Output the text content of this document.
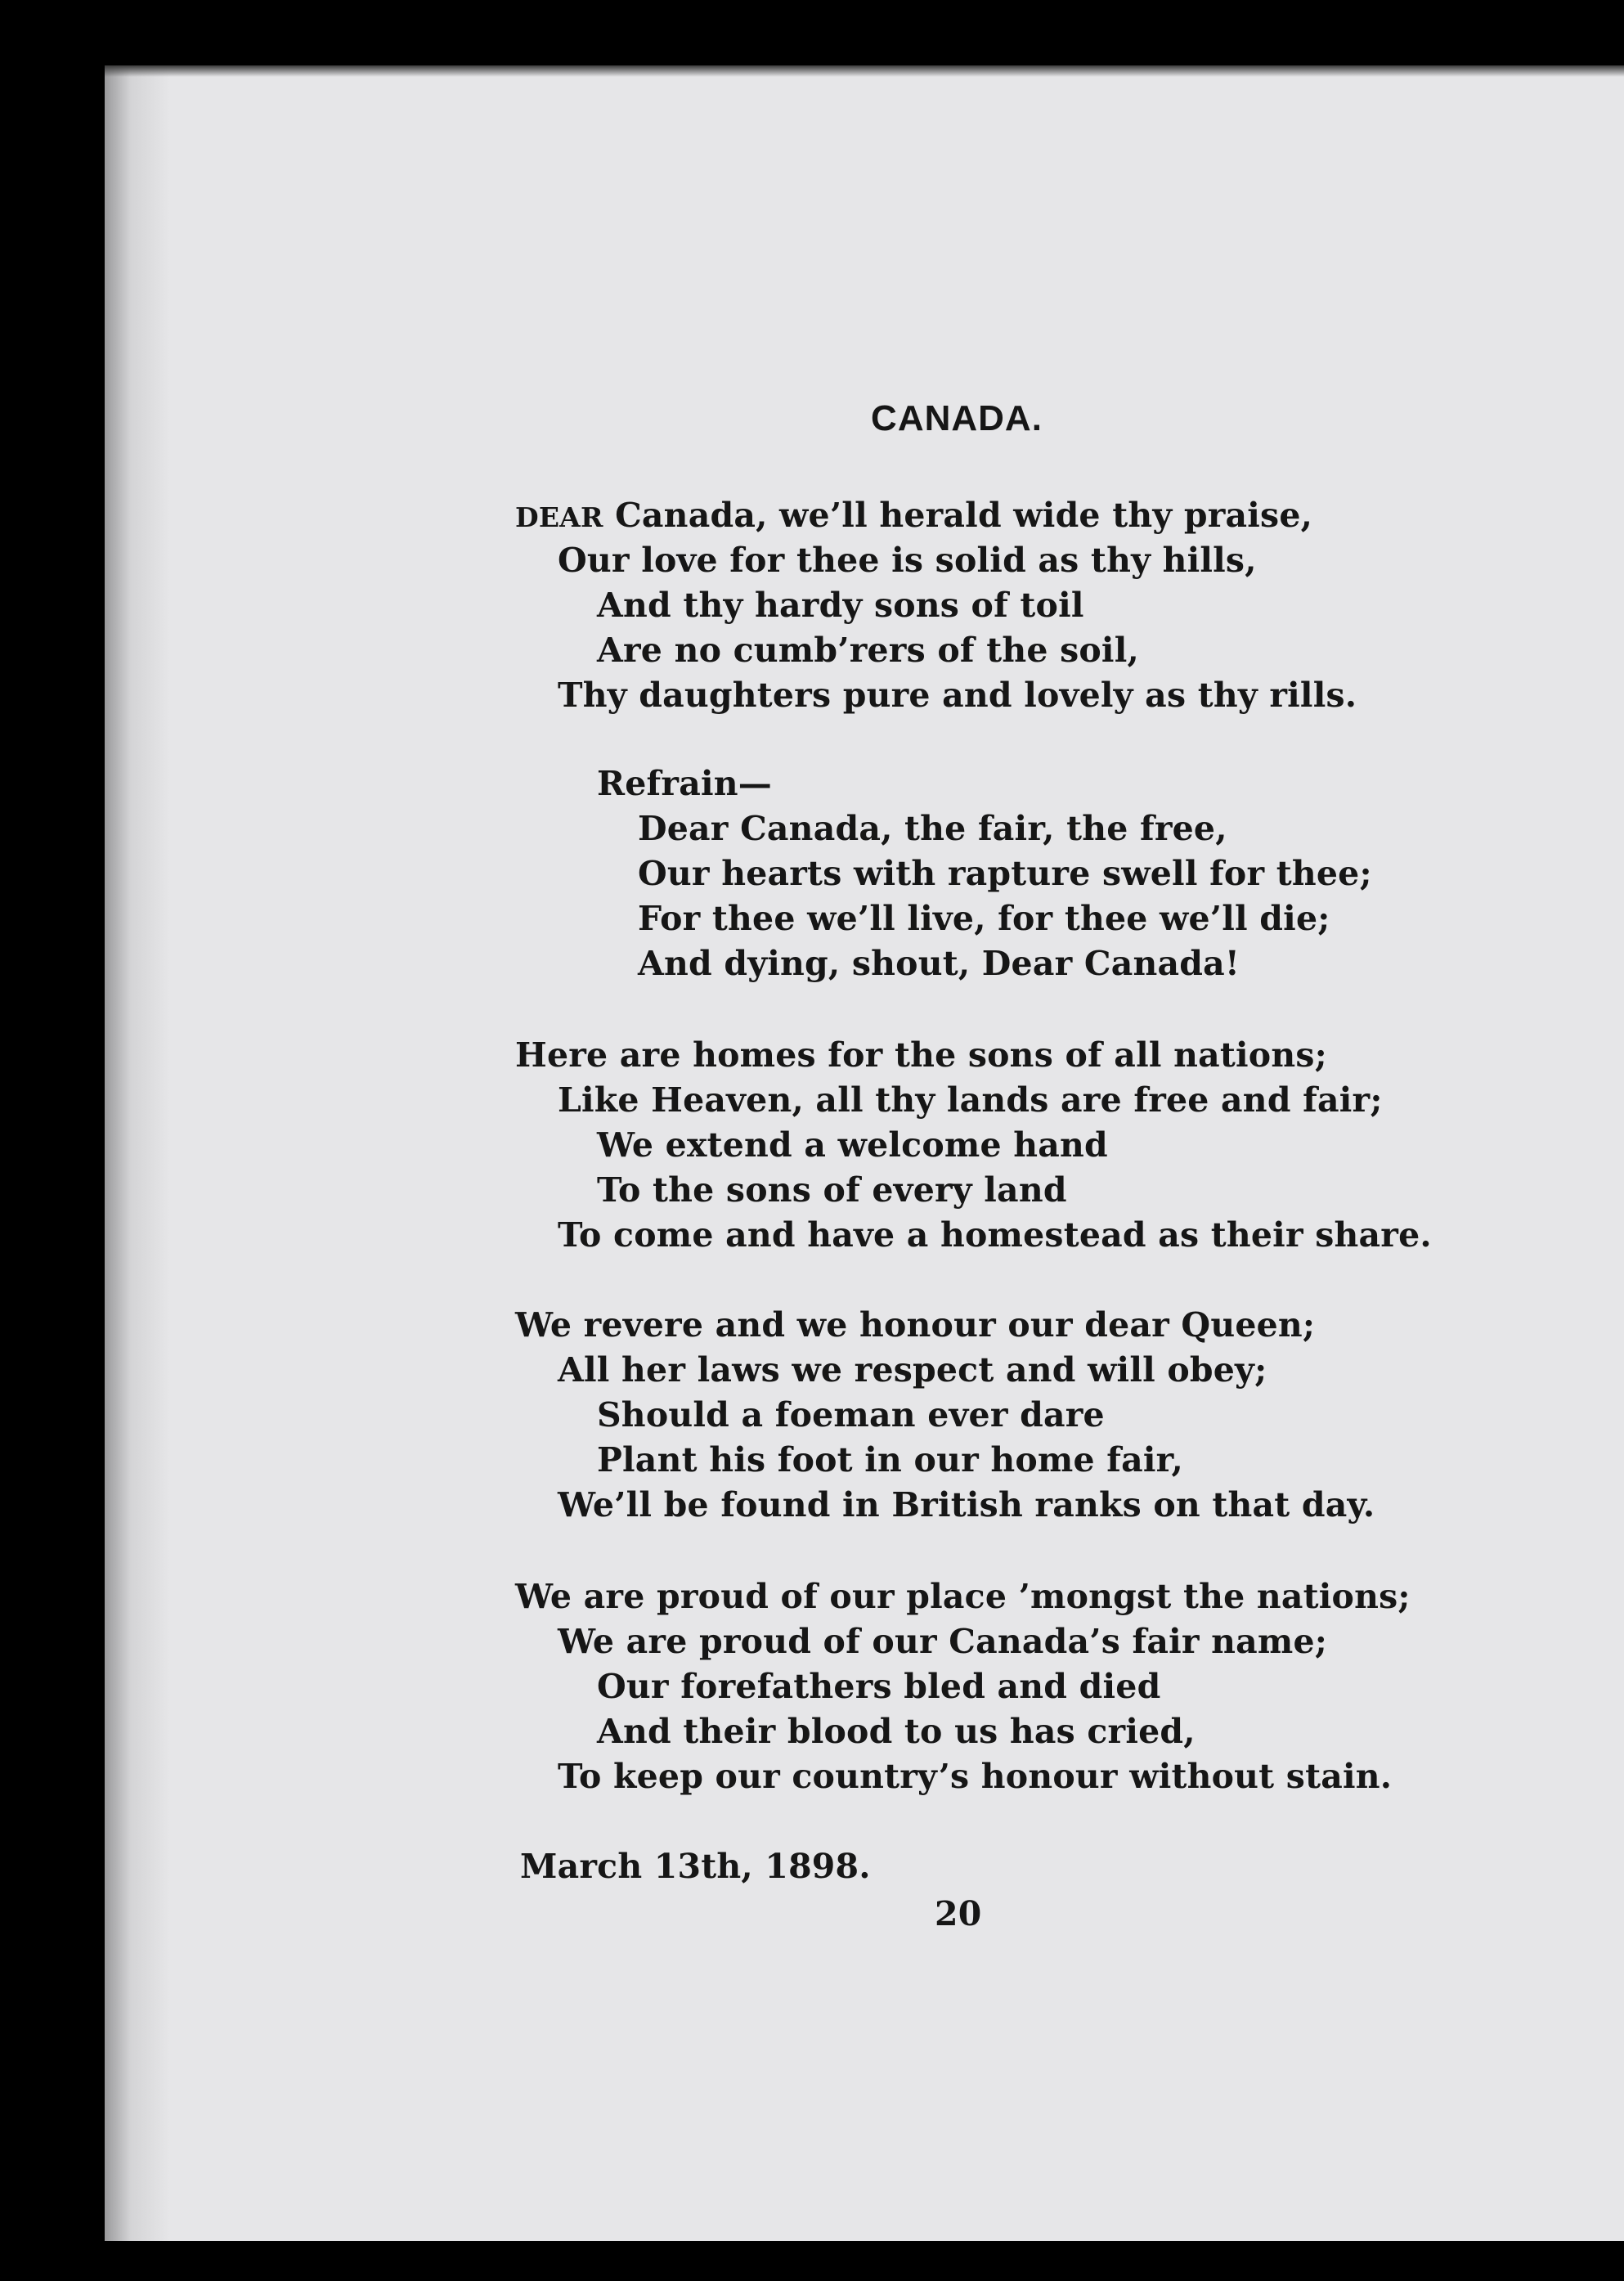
CANADA.
DEAR Canada, we’ll herald wide thy praise,
Our love for thee is solid as thy hills,
And thy hardy sons of toil
Are no cumb’rers of the soil,
Thy daughters pure and lovely as thy rills.
Refrain—
Dear Canada, the fair, the free,
Our hearts with rapture swell for thee;
For thee we’ll live, for thee we’ll die;
And dying, shout, Dear Canada!
Here are homes for the sons of all nations;
Like Heaven, all thy lands are free and fair;
We extend a welcome hand
To the sons of every land
To come and have a homestead as their share.
We revere and we honour our dear Queen;
All her laws we respect and will obey;
Should a foeman ever dare
Plant his foot in our home fair,
We’ll be found in British ranks on that day.
We are proud of our place ’mongst the nations;
We are proud of our Canada’s fair name;
Our forefathers bled and died
And their blood to us has cried,
To keep our country’s honour without stain.
March 13th, 1898.
20
